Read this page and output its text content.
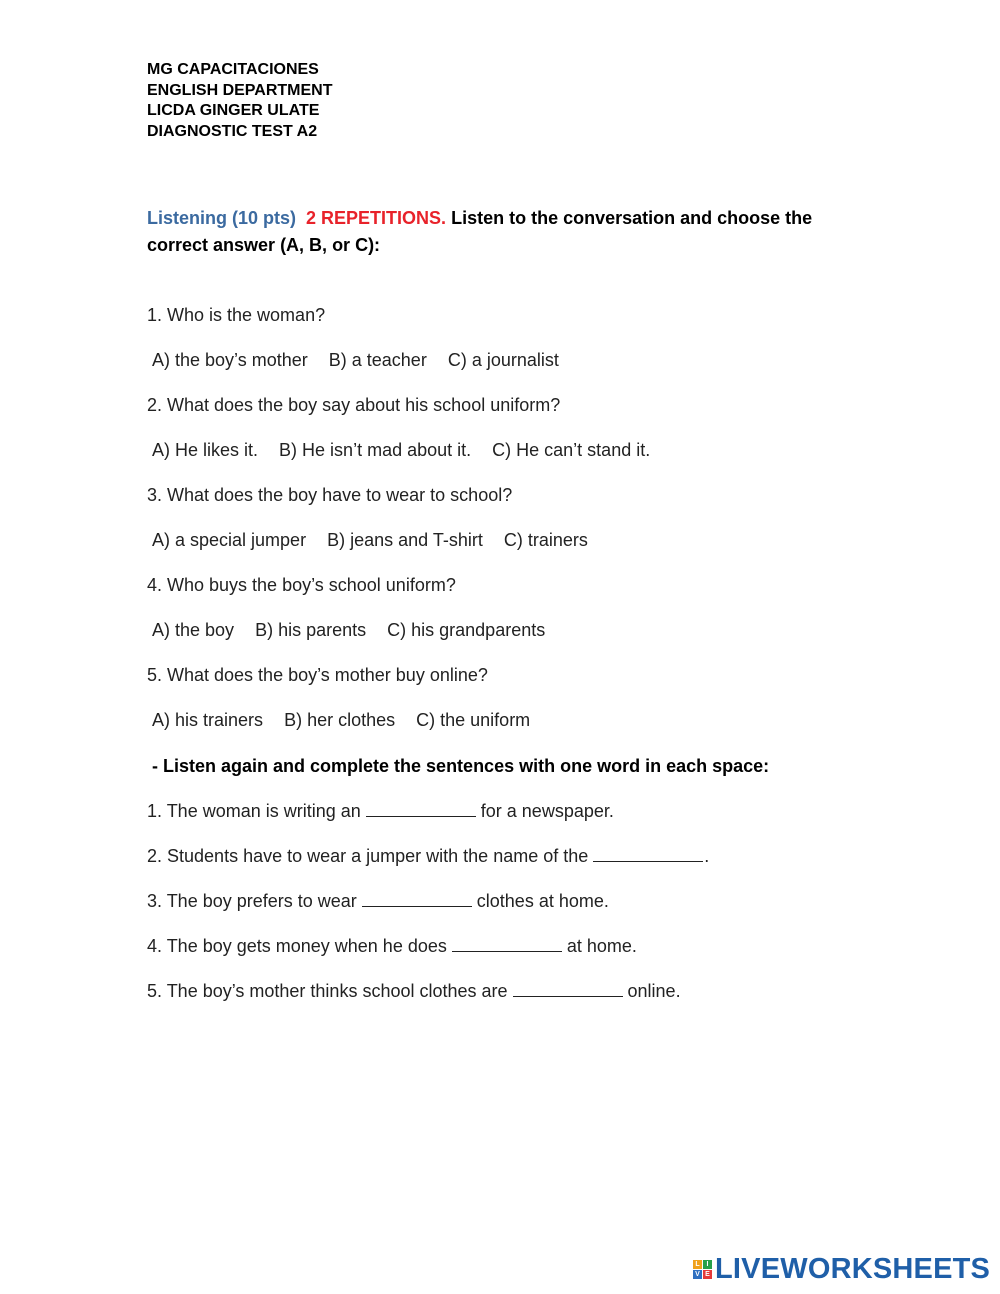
MG CAPACITACIONES
ENGLISH DEPARTMENT
LICDA GINGER ULATE
DIAGNOSTIC TEST A2
Listening (10 pts) 2 REPETITIONS. Listen to the conversation and choose the correct answer (A, B, or C):
1. Who is the woman?
A) the boy’s mother B) a teacher C) a journalist
2. What does the boy say about his school uniform?
A) He likes it. B) He isn’t mad about it. C) He can’t stand it.
3. What does the boy have to wear to school?
A) a special jumper B) jeans and T-shirt C) trainers
4. Who buys the boy’s school uniform?
A) the boy B) his parents C) his grandparents
5. What does the boy’s mother buy online?
A) his trainers B) her clothes C) the uniform
- Listen again and complete the sentences with one word in each space:
1. The woman is writing an	for a newspaper.
2. Students have to wear a jumper with the name of the	.
3. The boy prefers to wear	clothes at home.
4. The boy gets money when he does	at home.
5. The boy’s mother thinks school clothes are	online.
L I
V E LIVEWORKSHEETS
